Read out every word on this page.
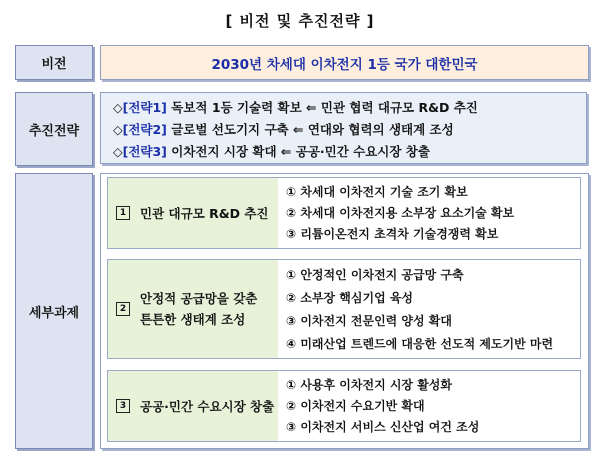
[ 비전 및 추진전략 ]
비전	2030년 차세대 이차전지 1등 국가 대한민국
추진전략
◇[전략1] 독보적 1등 기술력 확보 ⇐ 민관 협력 대규모 R&D 추진
◇[전략2] 글로벌 선도기지 구축 ⇐ 연대와 협력의 생태계 조성
◇[전략3] 이차전지 시장 확대 ⇐ 공공·민간 수요시장 창출
세부과제
1	민관 대규모 R&D 추진
① 차세대 이차전지 기술 조기 확보
② 차세대 이차전지용 소부장 요소기술 확보
③ 리튬이온전지 초격차 기술경쟁력 확보
2
안정적 공급망을 갖춘
튼튼한 생태계 조성
① 안정적인 이차전지 공급망 구축
② 소부장 핵심기업 육성
③ 이차전지 전문인력 양성 확대
④ 미래산업 트렌드에 대응한 선도적 제도기반 마련
3	공공·민간 수요시장 창출
① 사용후 이차전지 시장 활성화
② 이차전지 수요기반 확대
③ 이차전지 서비스 신산업 여건 조성
